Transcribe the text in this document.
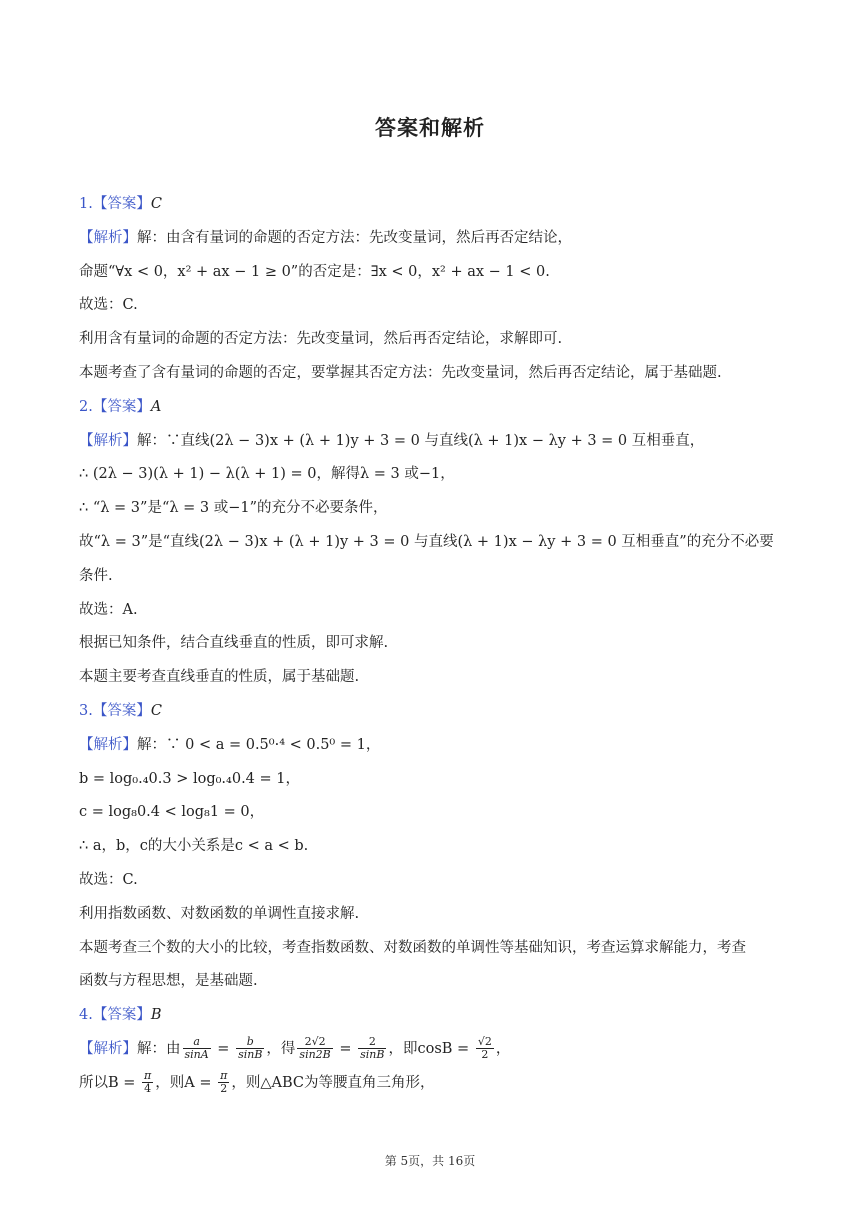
答案和解析
1.【答案】C
【解析】解：由含有量词的命题的否定方法：先改变量词，然后再否定结论，
命题“∀x < 0，x² + ax − 1 ≥ 0”的否定是：∃x < 0，x² + ax − 1 < 0.
故选：C.
利用含有量词的命题的否定方法：先改变量词，然后再否定结论，求解即可.
本题考查了含有量词的命题的否定，要掌握其否定方法：先改变量词，然后再否定结论，属于基础题.
2.【答案】A
【解析】解：∵直线(2λ − 3)x + (λ + 1)y + 3 = 0 与直线(λ + 1)x − λy + 3 = 0 互相垂直，
∴ (2λ − 3)(λ + 1) − λ(λ + 1) = 0，解得λ = 3 或−1，
∴ “λ = 3”是“λ = 3 或−1”的充分不必要条件，
故“λ = 3”是“直线(2λ − 3)x + (λ + 1)y + 3 = 0 与直线(λ + 1)x − λy + 3 = 0 互相垂直”的充分不必要
条件.
故选：A.
根据已知条件，结合直线垂直的性质，即可求解.
本题主要考查直线垂直的性质，属于基础题.
3.【答案】C
【解析】解：∵ 0 < a = 0.5⁰·⁴ < 0.5⁰ = 1，
b = log₀.₄0.3 > log₀.₄0.4 = 1，
c = log₈0.4 < log₈1 = 0，
∴ a，b，c的大小关系是c < a < b.
故选：C.
利用指数函数、对数函数的单调性直接求解.
本题考查三个数的大小的比较，考查指数函数、对数函数的单调性等基础知识，考查运算求解能力，考查
函数与方程思想，是基础题.
4.【答案】B
【解析】解：由 $\frac{a}{\sin A} = \frac{b}{\sin B}$ ，得 $\frac{2√2}{\sin 2B} = \frac{2}{\sin B}$ ，即$\cos B = \frac{√2}{2}$ ，
所以$B = \frac{\pi}{4}$ ，则$A = \frac{\pi}{2}$ ，则△ABC为等腰直角三角形，
第 5页，共 16页
